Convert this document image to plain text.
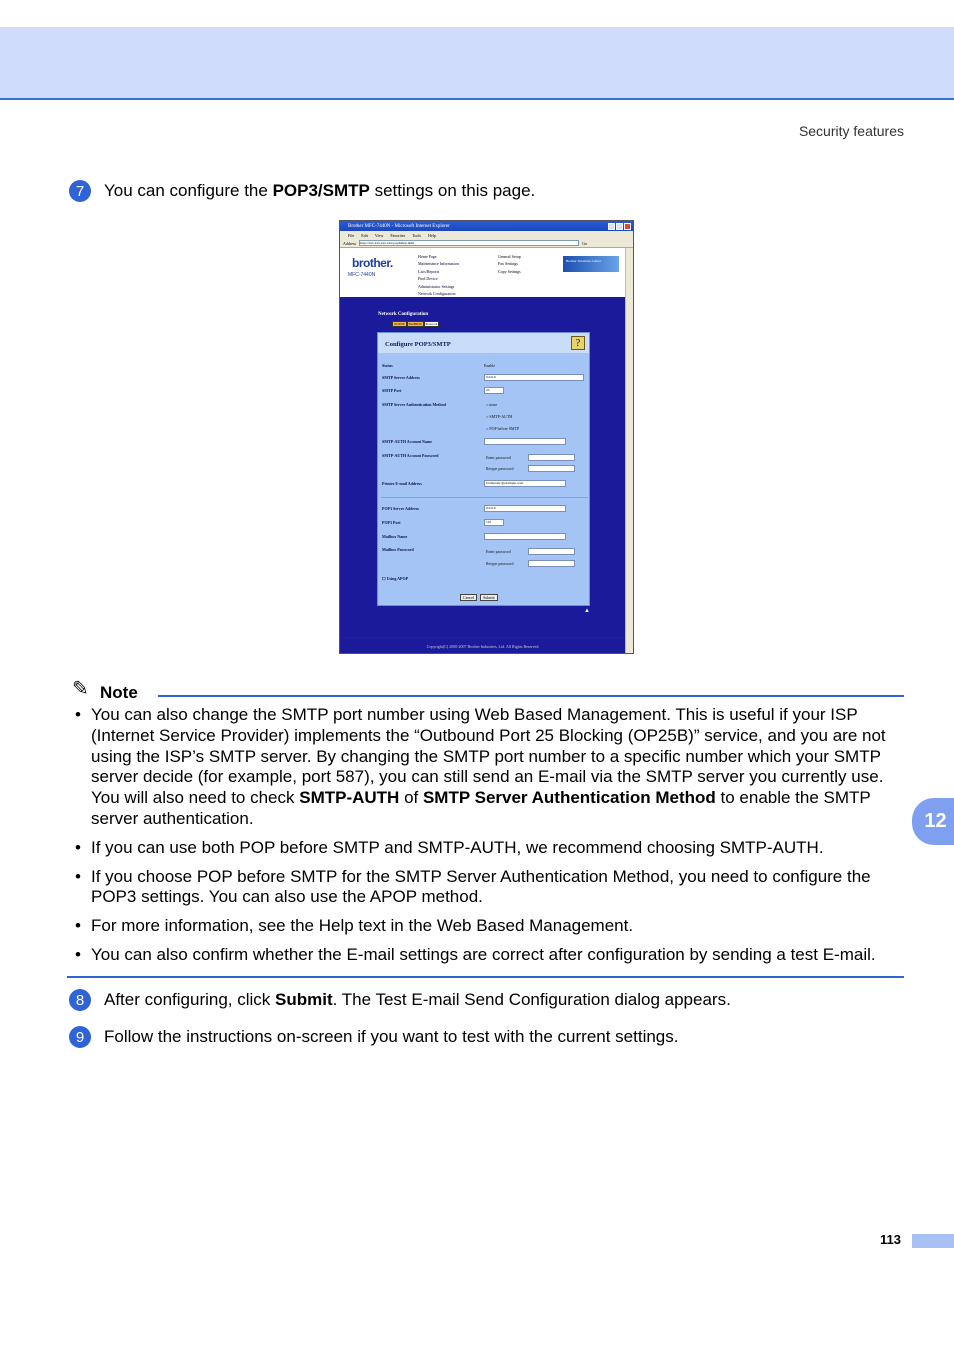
Security features
7	You can configure the POP3/SMTP settings on this page.
Brother MFC-7440N - Microsoft Internet Explorer
File Edit View Favorites Tools Help
Address http://xxx.xxx.xxx.xxx/pop3smtp.html	Go
brother.
MFC-7440N
Home Page
Maintenance Information
Lists/Reports
Find Device
Administrator Settings
Network Configuration
General Setup
Fax Settings
Copy Settings
Brother Solutions Center
Network Configuration
TCP/IP	NetBIOS	Protocol
Configure POP3/SMTP	?
Status	Enable
SMTP Server Address	0.0.0.0
SMTP Port	25
SMTP Server Authentication Method	○ none
○ SMTP-AUTH
○ POP before SMTP
SMTP-AUTH Account Name
SMTP-AUTH Account Password	Enter password
Retype password
Printer E-mail Address	brotherabc@example.com
POP3 Server Address	0.0.0.0
POP3 Port	110
Mailbox Name
Mailbox Password	Enter password
Retype password
☐ Using APOP
Cancel	Submit
▲
Copyright(C) 2000-2007 Brother Industries, Ltd. All Rights Reserved.
✎ Note
• You can also change the SMTP port number using Web Based Management. This is useful if your ISP (Internet Service Provider) implements the “Outbound Port 25 Blocking (OP25B)” service, and you are not using the ISP’s SMTP server. By changing the SMTP port number to a specific number which your SMTP server decide (for example, port 587), you can still send an E-mail via the SMTP server you currently use. You will also need to check SMTP-AUTH of SMTP Server Authentication Method to enable the SMTP server authentication.
• If you can use both POP before SMTP and SMTP-AUTH, we recommend choosing SMTP-AUTH.
• If you choose POP before SMTP for the SMTP Server Authentication Method, you need to configure the POP3 settings. You can also use the APOP method.
• For more information, see the Help text in the Web Based Management.
• You can also confirm whether the E-mail settings are correct after configuration by sending a test E-mail.
8	After configuring, click Submit. The Test E-mail Send Configuration dialog appears.
9	Follow the instructions on-screen if you want to test with the current settings.
12
113
